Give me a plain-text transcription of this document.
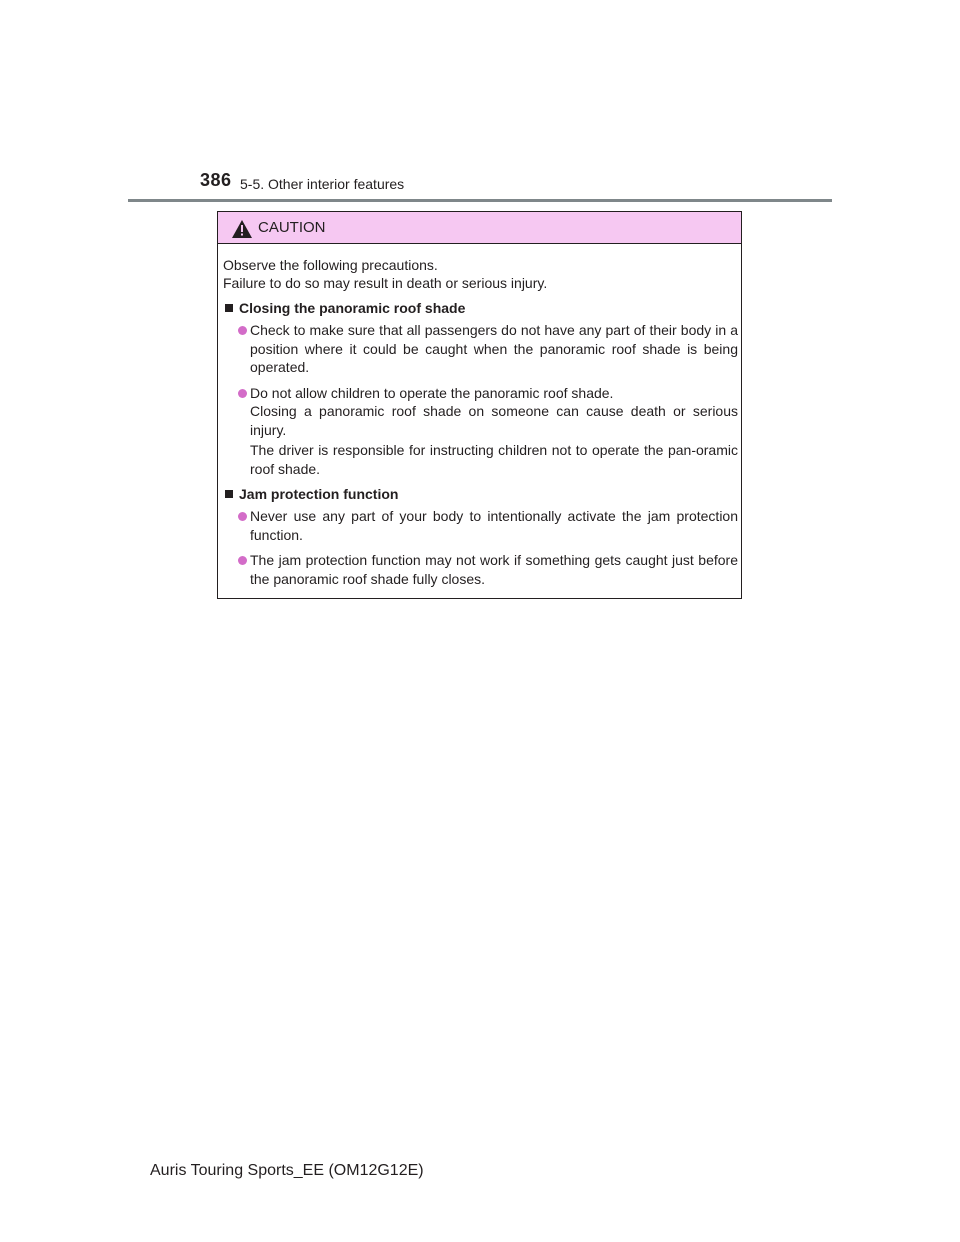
386 5-5. Other interior features
CAUTION
Observe the following precautions.
Failure to do so may result in death or serious injury.
Closing the panoramic roof shade
Check to make sure that all passengers do not have any part of their body in a position where it could be caught when the panoramic roof shade is being operated.
Do not allow children to operate the panoramic roof shade.
Closing a panoramic roof shade on someone can cause death or serious injury.
The driver is responsible for instructing children not to operate the pan-oramic roof shade.
Jam protection function
Never use any part of your body to intentionally activate the jam protection function.
The jam protection function may not work if something gets caught just before the panoramic roof shade fully closes.
Auris Touring Sports_EE (OM12G12E)
